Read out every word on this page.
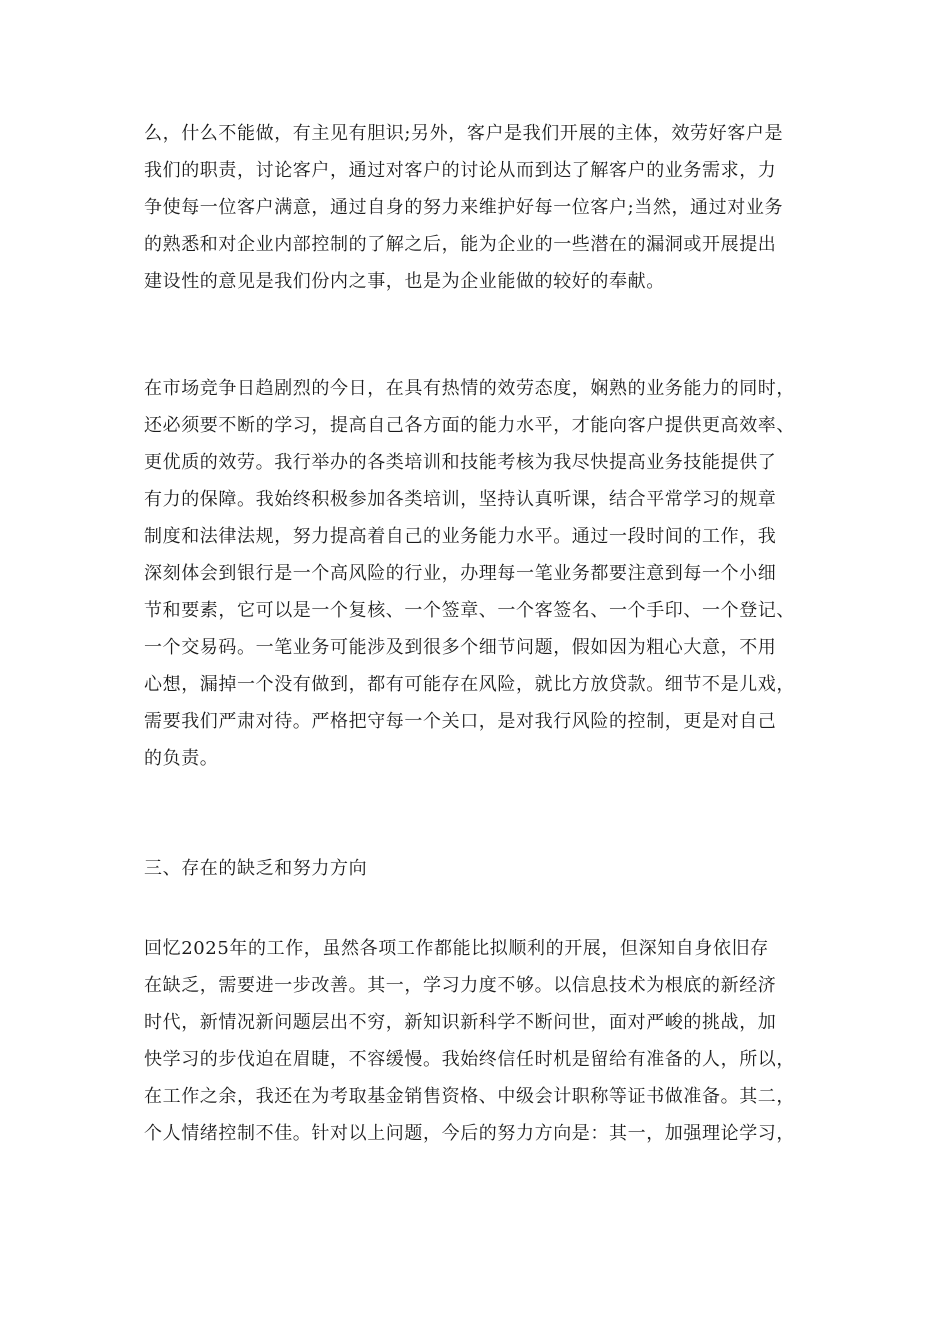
么，什么不能做，有主见有胆识;另外，客户是我们开展的主体，效劳好客户是
我们的职责，讨论客户，通过对客户的讨论从而到达了解客户的业务需求，力
争使每一位客户满意，通过自身的努力来维护好每一位客户;当然，通过对业务
的熟悉和对企业内部控制的了解之后，能为企业的一些潜在的漏洞或开展提出
建设性的意见是我们份内之事，也是为企业能做的较好的奉献。
在市场竞争日趋剧烈的今日，在具有热情的效劳态度，娴熟的业务能力的同时，
还必须要不断的学习，提高自己各方面的能力水平，才能向客户提供更高效率、
更优质的效劳。我行举办的各类培训和技能考核为我尽快提高业务技能提供了
有力的保障。我始终积极参加各类培训，坚持认真听课，结合平常学习的规章
制度和法律法规，努力提高着自己的业务能力水平。通过一段时间的工作，我
深刻体会到银行是一个高风险的行业，办理每一笔业务都要注意到每一个小细
节和要素，它可以是一个复核、一个签章、一个客签名、一个手印、一个登记、
一个交易码。一笔业务可能涉及到很多个细节问题，假如因为粗心大意，不用
心想，漏掉一个没有做到，都有可能存在风险，就比方放贷款。细节不是儿戏，
需要我们严肃对待。严格把守每一个关口，是对我行风险的控制，更是对自己
的负责。
三、存在的缺乏和努力方向
回忆2025年的工作，虽然各项工作都能比拟顺利的开展，但深知自身依旧存
在缺乏，需要进一步改善。其一，学习力度不够。以信息技术为根底的新经济
时代，新情况新问题层出不穷，新知识新科学不断问世，面对严峻的挑战，加
快学习的步伐迫在眉睫，不容缓慢。我始终信任时机是留给有准备的人，所以，
在工作之余，我还在为考取基金销售资格、中级会计职称等证书做准备。其二，
个人情绪控制不佳。针对以上问题，今后的努力方向是：其一，加强理论学习，
